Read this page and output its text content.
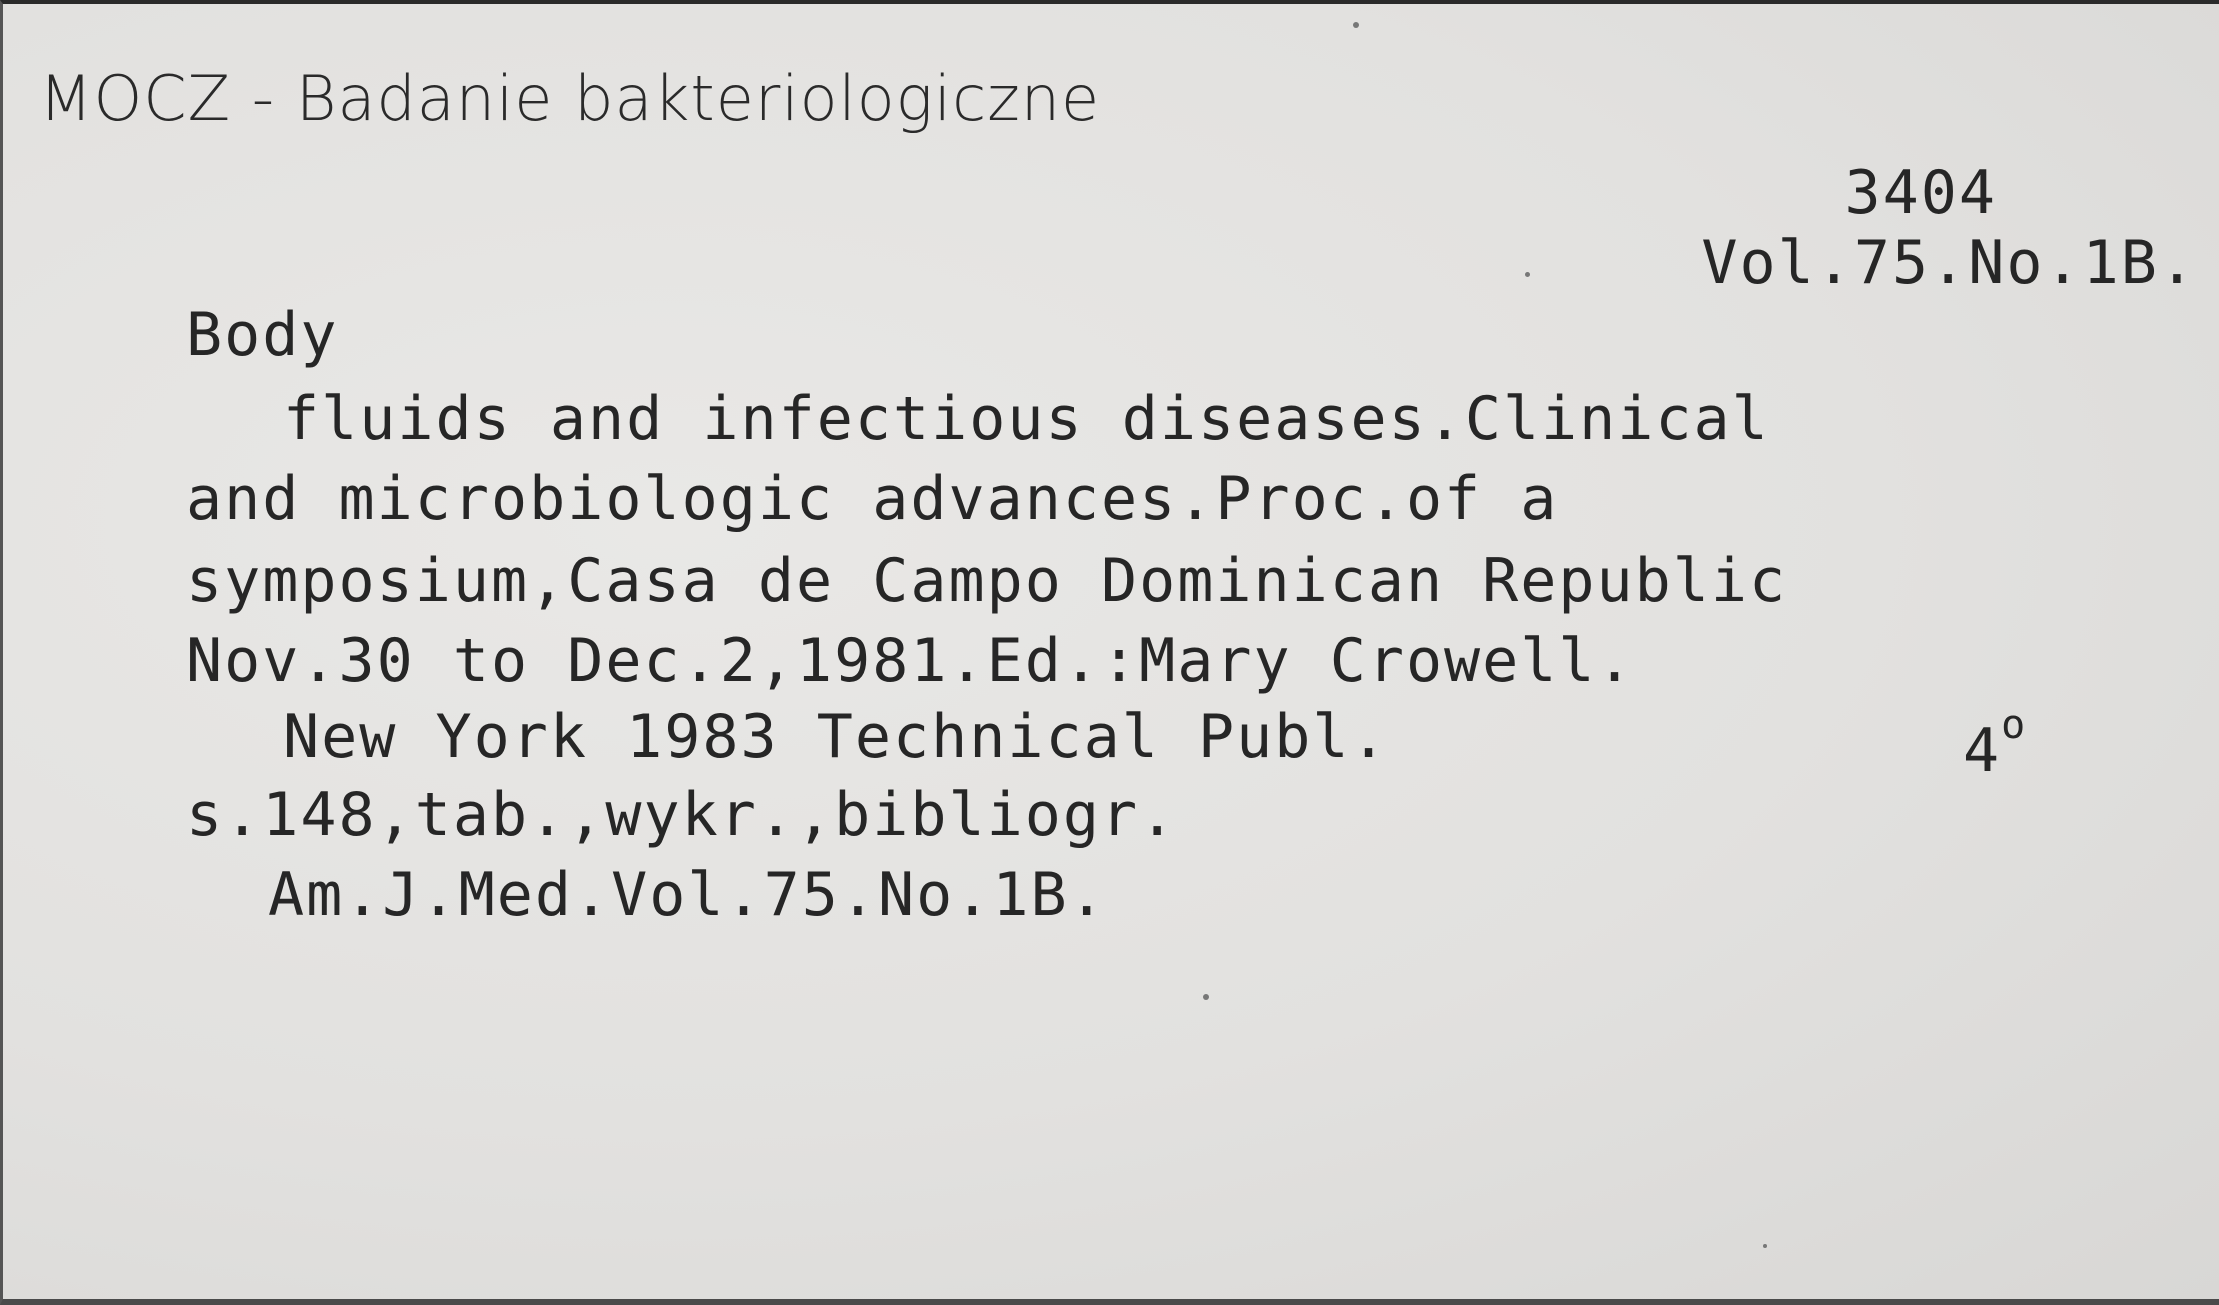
MOCZ - Badanie bakteriologiczne
3404
Vol.75.No.1B.
Body
fluids and infectious diseases.Clinical
and microbiologic advances.Proc.of a
symposium,Casa de Campo Dominican Republic
Nov.30 to Dec.2,1981.Ed.:Mary Crowell.
New York 1983 Technical Publ.
s.148,tab.,wykr.,bibliogr.
Am.J.Med.Vol.75.No.1B.
4$^o$
